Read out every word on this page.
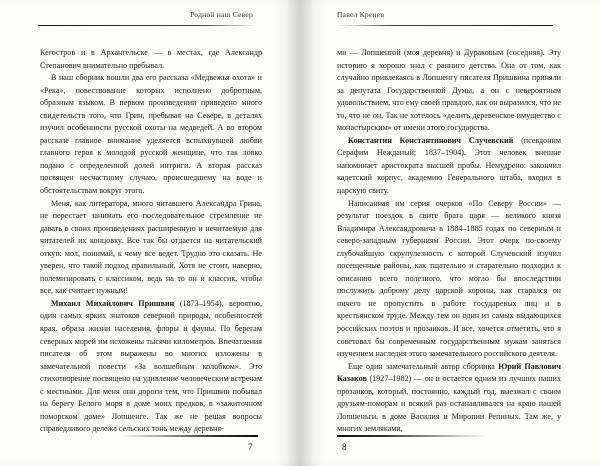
Родной наш Север

Кегостров и в Архангельске — в местах, где Александр Степанович внимательно пребывал.

В наш сборник вошли два его рассказа «Медвежья охота» и «Река», повествование которых исполнено добротным, образным языком. В первом произведении приведено много свидетельств того, что Грин, пребывая на Севере, в деталях изучил особенности русской охоты на медведей. А во втором рассказе главное внимание уделяется вспыхнувшей любви главного героя к молодой русской женщине, что так ловко подано с определенной долей интриги. А вторая рассказ посвящен несчастному случаю, происшедшему на воде и обстоятельствам вокруг этого.

Меня, как литератора, много читавшего Александра Грина, не перестает занимать его последовательное стремление не давать в своих произведениях расширенную и нечитаемую для читателей их концовку. Все так бы отдается на читательский откуп: мол, понимай, к чему все ведет. Трудно это сказать. Не уверен, что такой подход правильный. Хотя не стоит, наверно, полемизировать с классиком, ведь на то он и классик, чтобы все, как считает нужным!

Михаил Михайлович Пришвин (1873–1954), вероятно, один самых ярких знатоков северной природы, особенностей края, образа жизни населения, флоры и фауны. По берегам северных морей им исхожены тысячи километров. Впечатления писателя об этом выражены во многих изложены в замечательной повести «За волшебным колобком». Это стихотворение посвящено на удивление человеческим встречам с местными. Для меня они дороги тем, что Пришвин побывал на берегу Белого моря в доме моих предков, в «зажиточном поморском доме» Лопшенге. Так же не решая вопросы справедливого дележа сельских тонь между деревня-

7
Павел Кренев

ми — Лопшенгой (моя деревня) и Дураковым (соседняя). Эту историю я хорошо знал с ранниго детства. Она от том, как случайно привлекаясь в Лопшенгу писателя Пришвина приняли за депутата Государственной Думы, а он с невероятным удовольствием, что ему своей правдою, как он выразился, что не то, что не он. Так не хотелось «делить деревенское имущество с монастырским» от имени этого государства.

Константин Константинович Случевский (псевдоним Серафим Нежданый; 1837–1904). Этот человек внешне напоминает аристократа высшей пробы. Немудрено: закончил кадетский корпус, академию Генерального штаба, входил в царскую свиту.

Написанная им серия очерков «По Северу России» — результат поездок в свите брата царя — великого князя Владимира Александровича в 1884–1885 годах по северным и северо-западным губерниям России. Этот очерк по-своему глубочайшую скрупулезность с которой Случевский изучил посещенные районы, как тщательно и старательно подходил к описанию всего полезного, что могло бы впоследствии послужить доброму делу царской короны, как старался он ничего не пропустить в работе государевых лиц и в крестьянском труде. Между тем он один из самых выдающихся российских поэтов и прозаиков. И все, хочется отметить, что я советовал бы современным государственным мужам заняться изучением наследия этого замечательного российского деятеля.

Еще один замечательный автор сборника Юрий Павлович Казаков (1927–1982) — он и остается одним из лучших наших прозаиков, который, постоянно, каждый год, выезжал с своим друзьям-поморам и всякий раз останавливался на краю нашей Лопшеньги, в доме Василия и Миропии Репиных. Там же, у многих земляками,

8
